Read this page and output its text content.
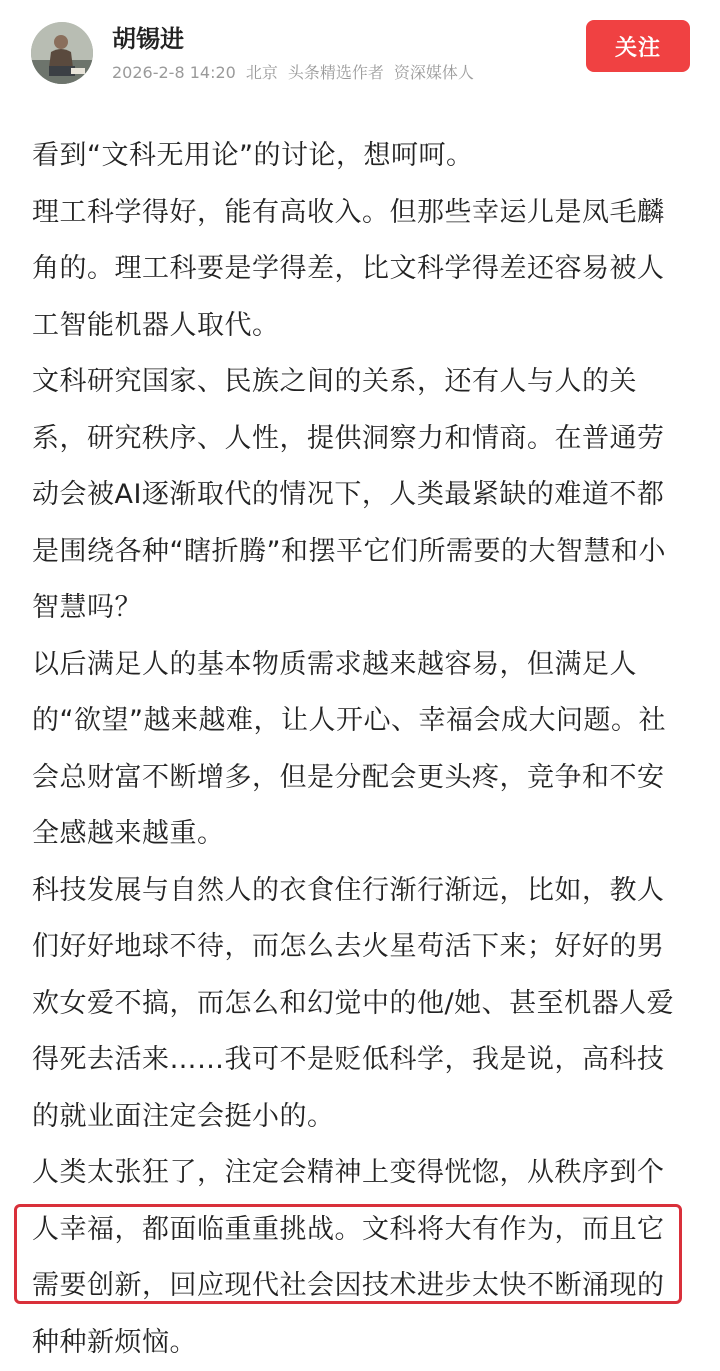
胡锡进
2026-2-8 14:20 北京 头条精选作者 资深媒体人
关注

看到“文科无用论”的讨论，想呵呵。

理工科学得好，能有高收入。但那些幸运儿是凤毛麟角的。理工科要是学得差，比文科学得差还容易被人工智能机器人取代。

文科研究国家、民族之间的关系，还有人与人的关系，研究秩序、人性，提供洞察力和情商。在普通劳动会被AI逐渐取代的情况下，人类最紧缺的难道不都是围绕各种“瞎折腾”和摆平它们所需要的大智慧和小智慧吗？

以后满足人的基本物质需求越来越容易，但满足人的“欲望”越来越难，让人开心、幸福会成大问题。社会总财富不断增多，但是分配会更头疼，竞争和不安全感越来越重。

科技发展与自然人的衣食住行渐行渐远，比如，教人们好好地球不待，而怎么去火星苟活下来；好好的男欢女爱不搞，而怎么和幻觉中的他/她、甚至机器人爱得死去活来……我可不是贬低科学，我是说，高科技的就业面注定会挺小的。

人类太张狂了，注定会精神上变得恍惚，从秩序到个人幸福，都面临重重挑战。文科将大有作为，而且它需要创新，回应现代社会因技术进步太快不断涌现的种种新烦恼。
